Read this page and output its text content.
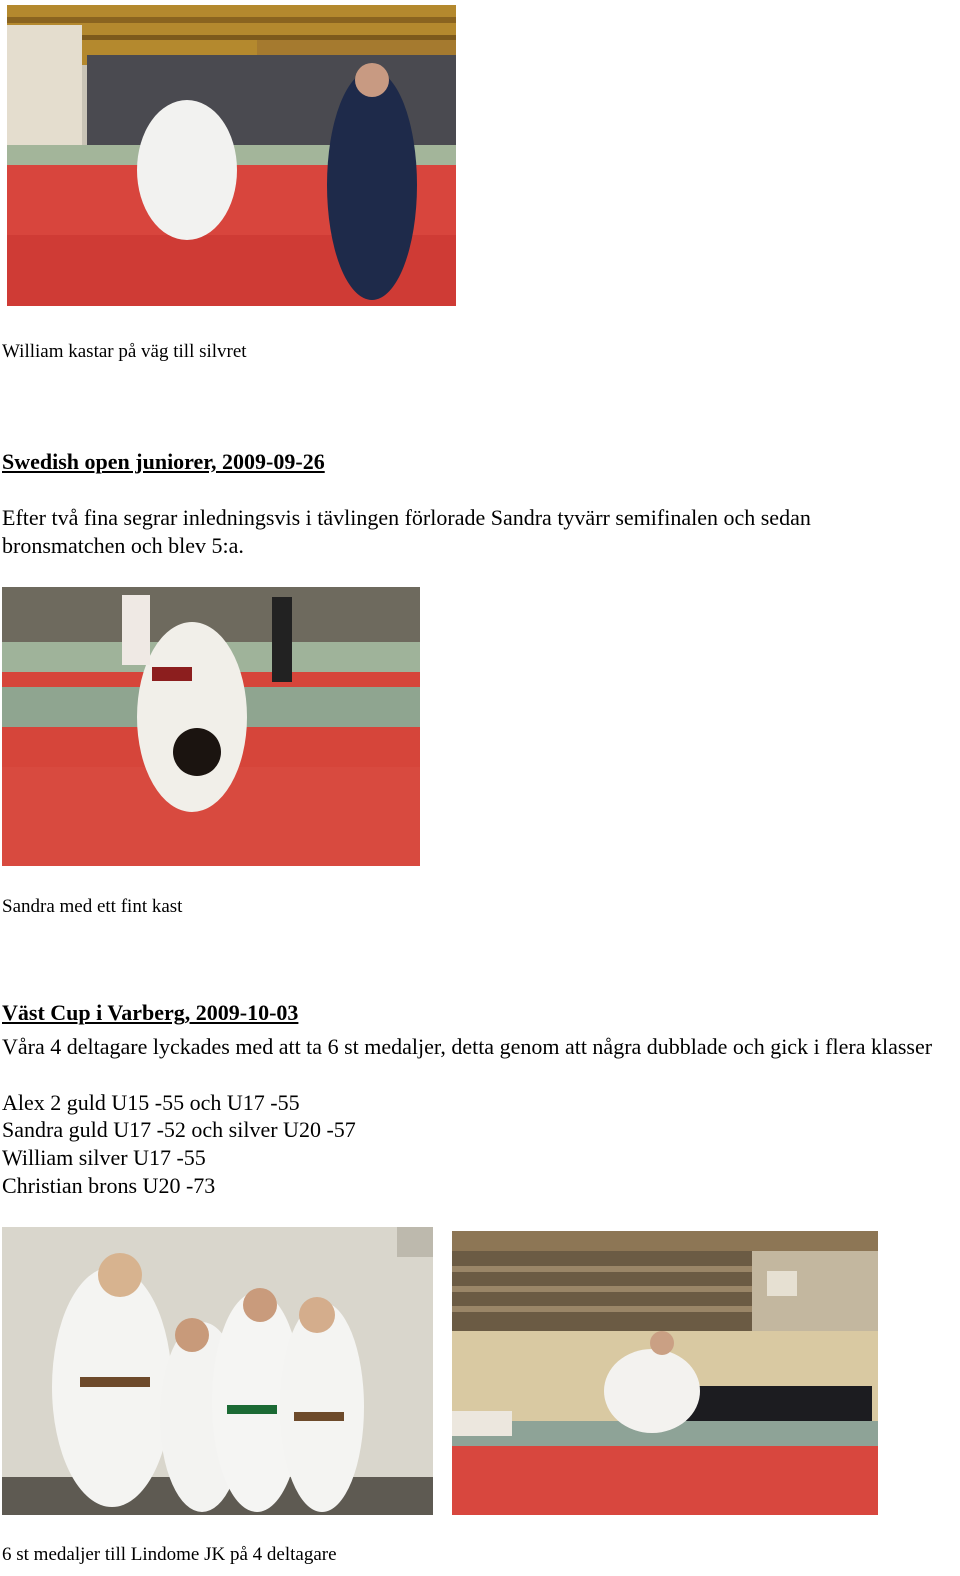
William kastar på väg till silvret
Swedish open juniorer, 2009-09-26
Efter två fina segrar inledningsvis i tävlingen förlorade Sandra tyvärr semifinalen och sedan bronsmatchen och blev 5:a.
Sandra med ett fint kast
Väst Cup i Varberg, 2009-10-03
Våra 4 deltagare lyckades med att ta 6 st medaljer, detta genom att några dubblade och gick i flera klasser
Alex 2 guld U15 -55 och U17 -55
Sandra guld U17 -52 och silver U20 -57
William silver U17 -55
Christian brons U20 -73
6 st medaljer till Lindome JK på 4 deltagare
